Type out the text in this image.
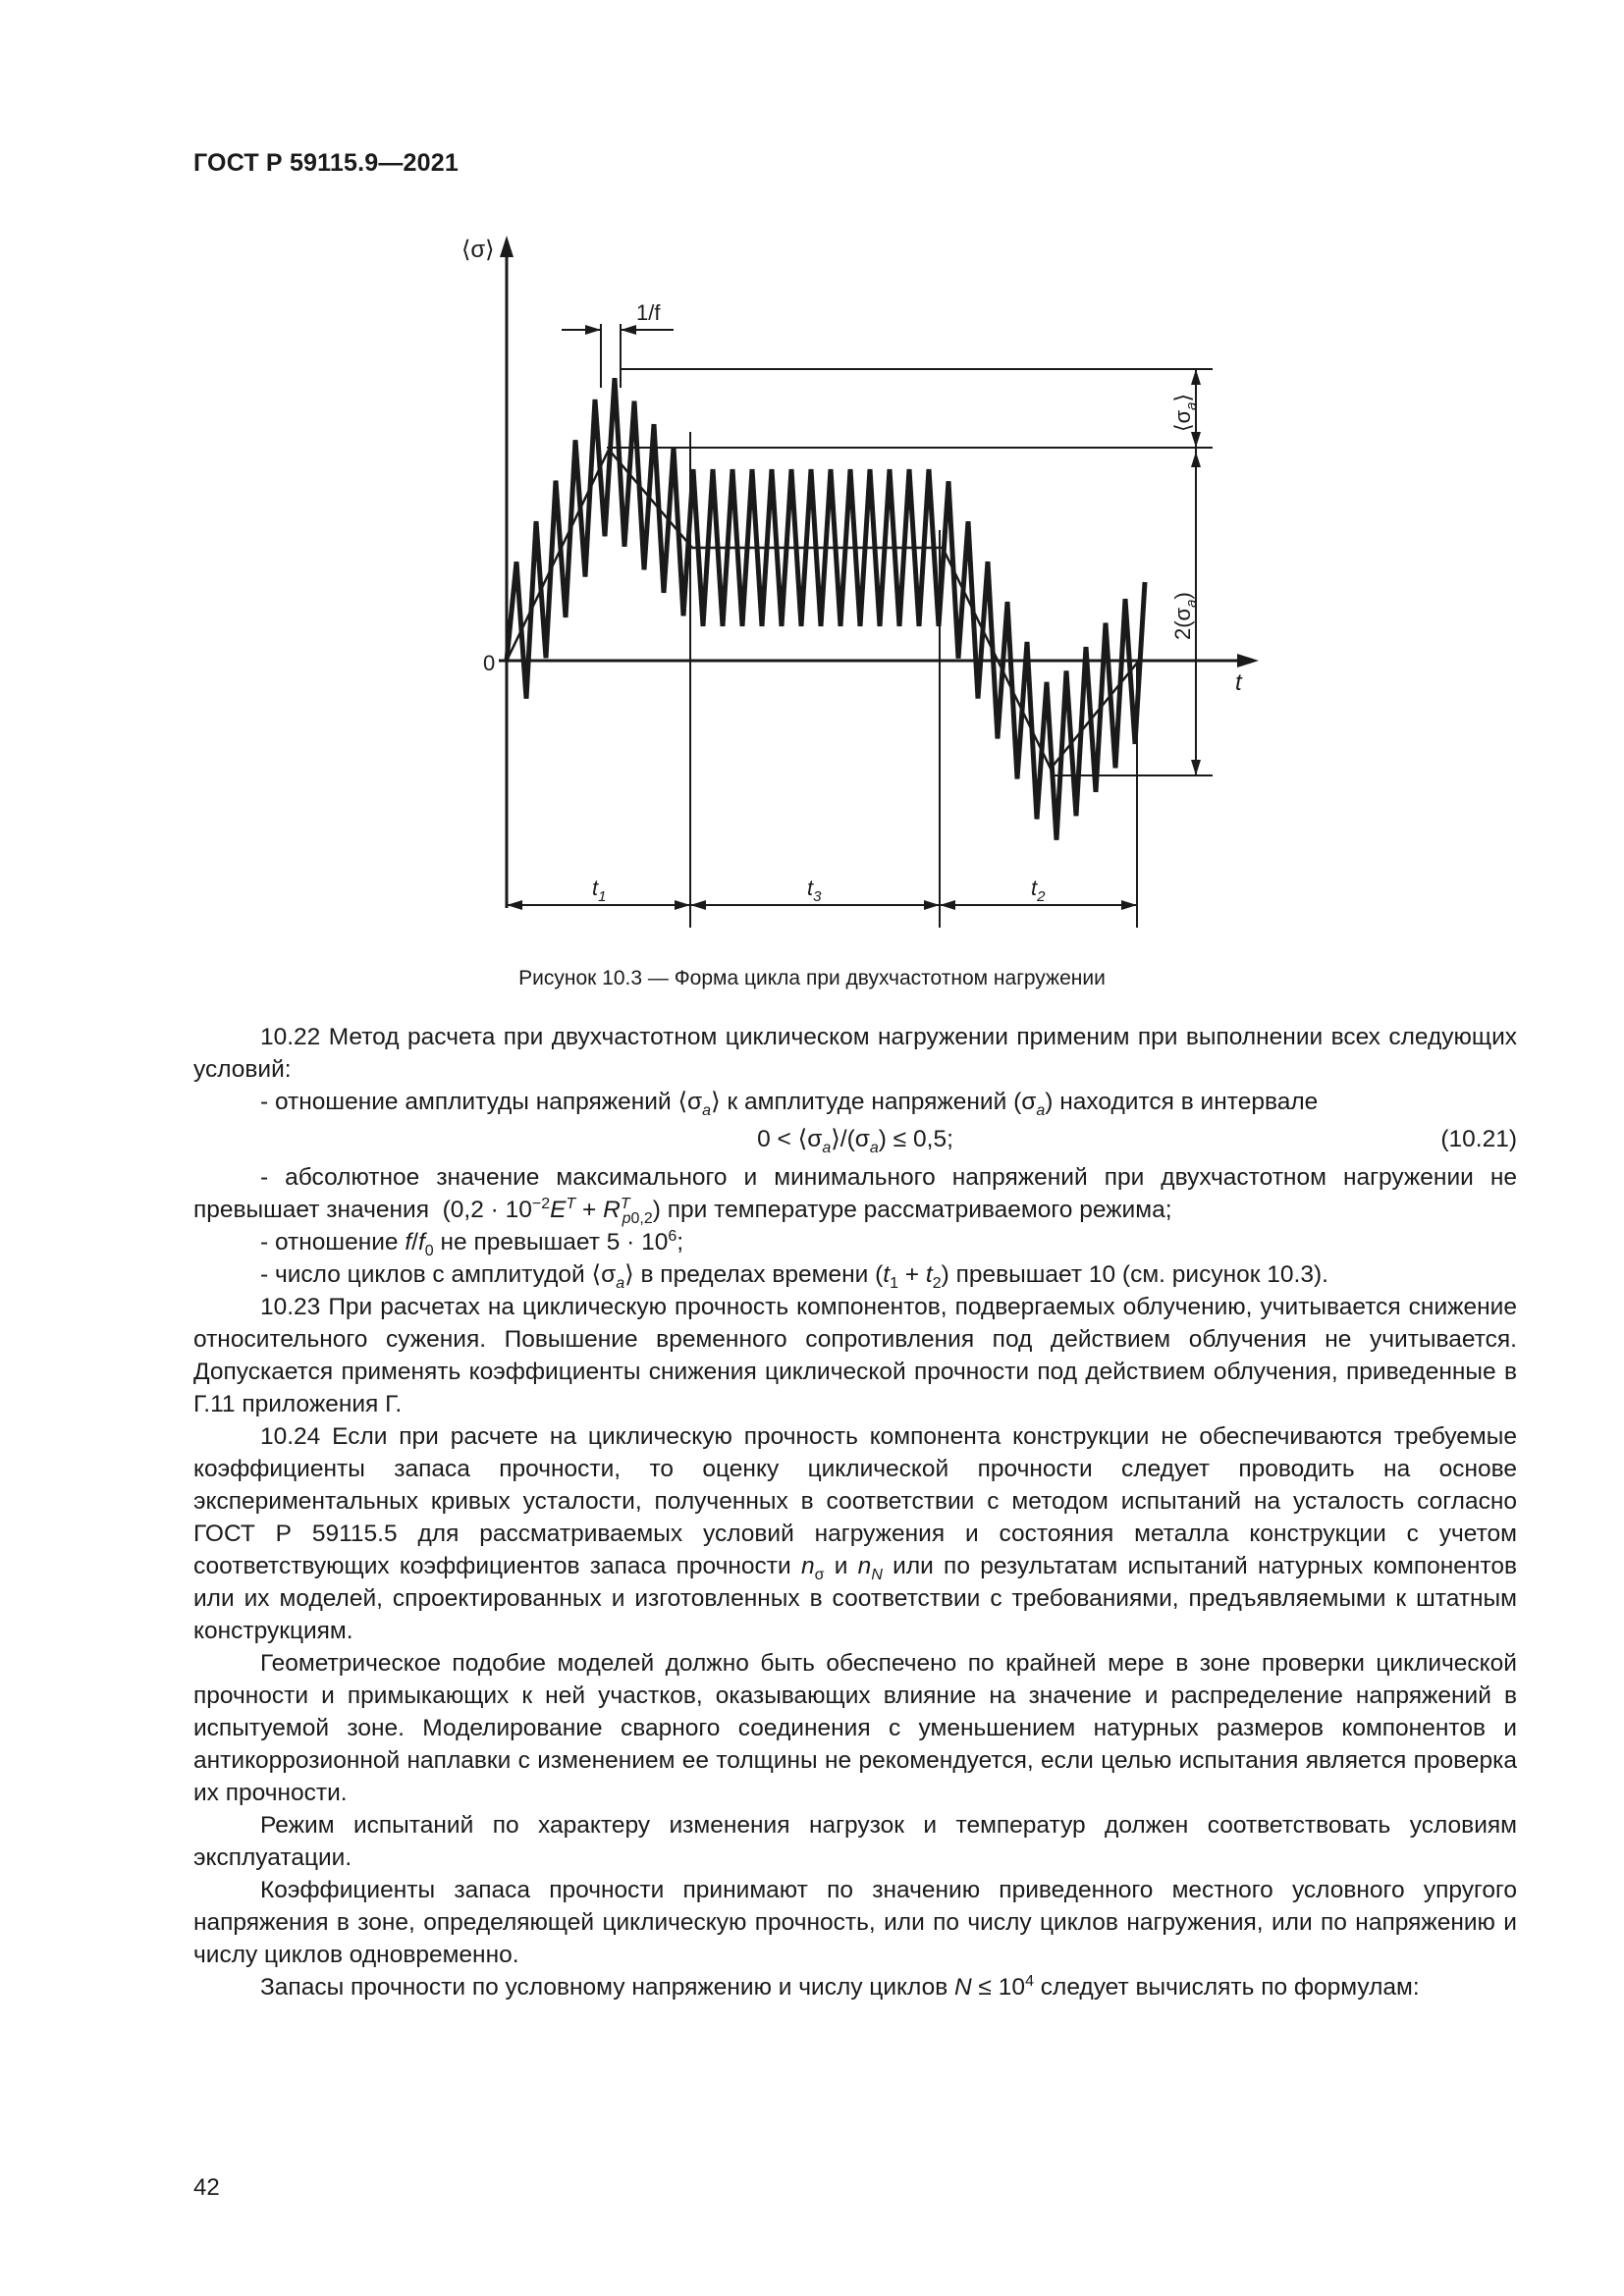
ГОСТ Р 59115.9—2021
⟨σ⟩
0
t
$⟨\sigma_a⟩$
$2(\sigma_a)$
1/f
$t_1$	$t_3$	$t_2$
Рисунок 10.3 — Форма цикла при двухчастотном нагружении

10.22 Метод расчета при двухчастотном циклическом нагружении применим при выполнении всех следующих условий:

- отношение амплитуды напряжений $⟨\sigma_a⟩$ к амплитуде напряжений $(\sigma_a)$ находится в интервале

$0 < ⟨\sigma_a⟩/(\sigma_a) \le 0,5$;	(10.21)

- абсолютное значение максимального и минимального напряжений при двухчастотном нагружении не превышает значения  $(0,2 \cdot 10^{-2}E^T + R^T_{p0,2})$ при температуре рассматриваемого режима;

- отношение $f/f_0$ не превышает $5 \cdot 10^6$;

- число циклов с амплитудой $⟨\sigma_a⟩$ в пределах времени $(t_1 + t_2)$ превышает 10 (см. рисунок 10.3).

10.23 При расчетах на циклическую прочность компонентов, подвергаемых облучению, учитывается снижение относительного сужения. Повышение временного сопротивления под действием облучения не учитывается. Допускается применять коэффициенты снижения циклической прочности под действием облучения, приведенные в Г.11 приложения Г.

10.24 Если при расчете на циклическую прочность компонента конструкции не обеспечиваются требуемые коэффициенты запаса прочности, то оценку циклической прочности следует проводить на основе экспериментальных кривых усталости, полученных в соответствии с методом испытаний на усталость согласно ГОСТ Р 59115.5 для рассматриваемых условий нагружения и состояния металла конструкции с учетом соответствующих коэффициентов запаса прочности $n_\sigma$ и $n_N$ или по результатам испытаний натурных компонентов или их моделей, спроектированных и изготовленных в соответствии с требованиями, предъявляемыми к штатным конструкциям.

Геометрическое подобие моделей должно быть обеспечено по крайней мере в зоне проверки циклической прочности и примыкающих к ней участков, оказывающих влияние на значение и распределение напряжений в испытуемой зоне. Моделирование сварного соединения с уменьшением натурных размеров компонентов и антикоррозионной наплавки с изменением ее толщины не рекомендуется, если целью испытания является проверка их прочности.

Режим испытаний по характеру изменения нагрузок и температур должен соответствовать условиям эксплуатации.

Коэффициенты запаса прочности принимают по значению приведенного местного условного упругого напряжения в зоне, определяющей циклическую прочность, или по числу циклов нагружения, или по напряжению и числу циклов одновременно.

Запасы прочности по условному напряжению и числу циклов $N \le 10^4$ следует вычислять по формулам:

42
